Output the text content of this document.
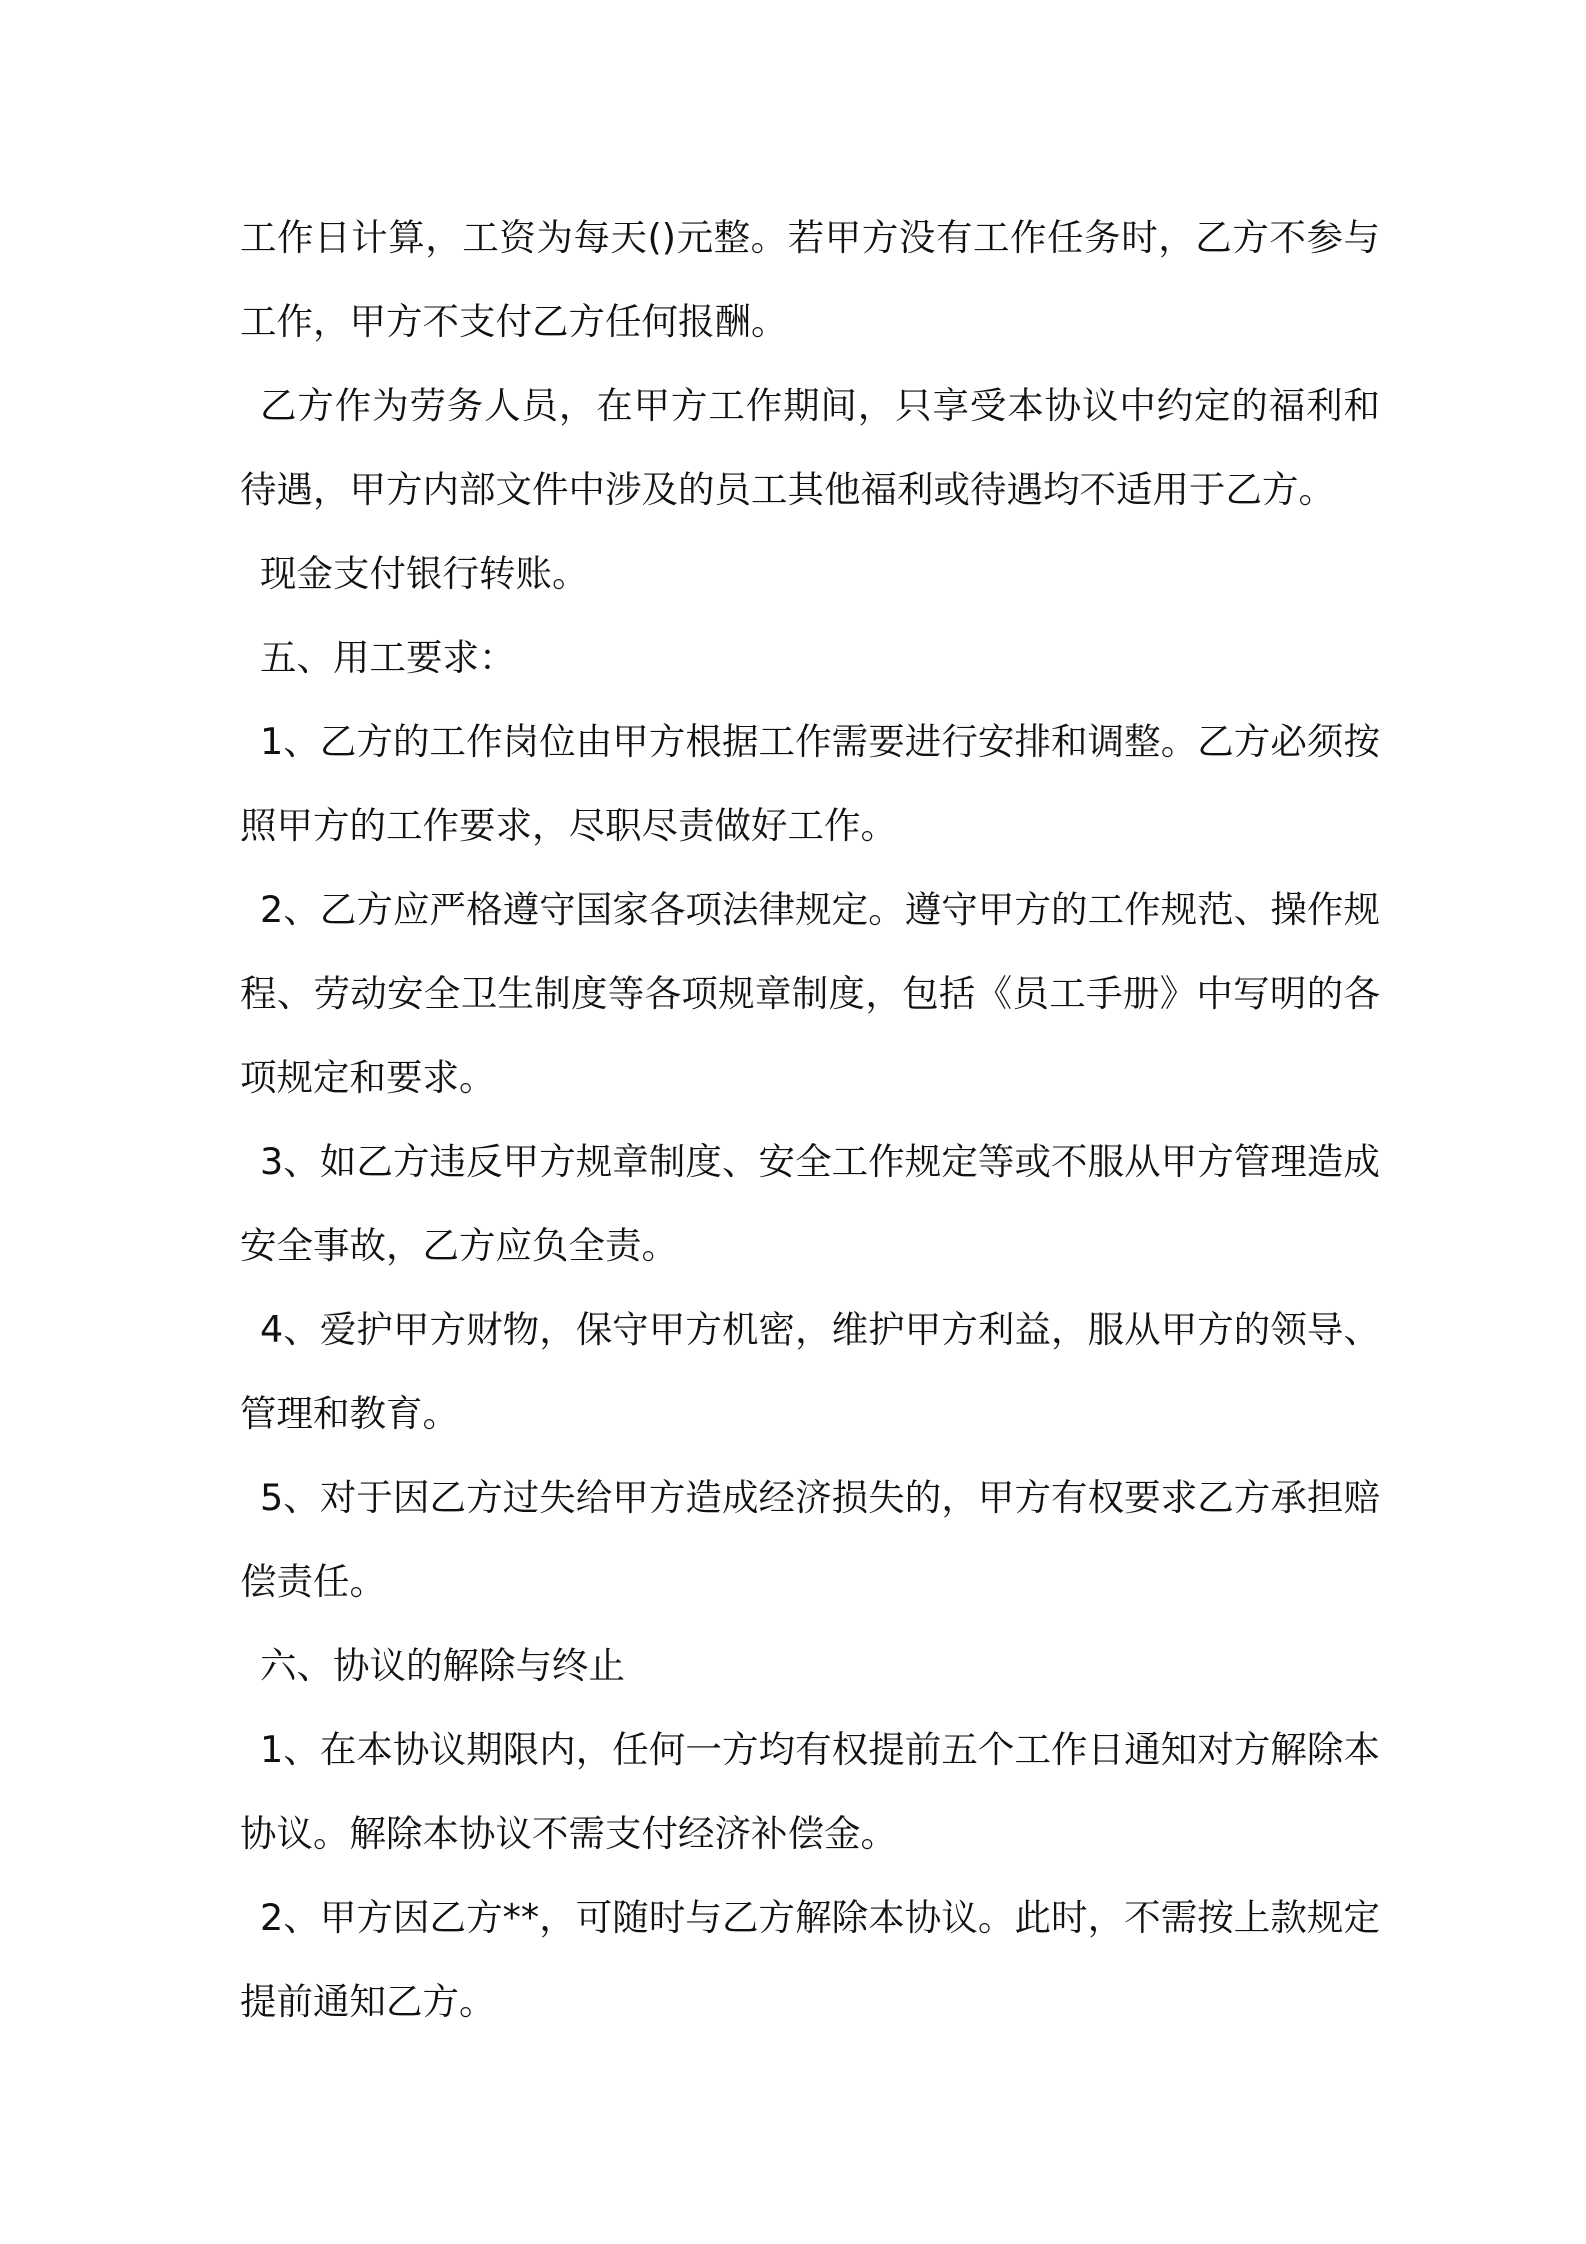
工作日计算，工资为每天()元整。若甲方没有工作任务时，乙方不参与工作，甲方不支付乙方任何报酬。

乙方作为劳务人员，在甲方工作期间，只享受本协议中约定的福利和待遇，甲方内部文件中涉及的员工其他福利或待遇均不适用于乙方。

现金支付银行转账。

五、用工要求：

1、乙方的工作岗位由甲方根据工作需要进行安排和调整。乙方必须按照甲方的工作要求，尽职尽责做好工作。

2、乙方应严格遵守国家各项法律规定。遵守甲方的工作规范、操作规程、劳动安全卫生制度等各项规章制度，包括《员工手册》中写明的各项规定和要求。

3、如乙方违反甲方规章制度、安全工作规定等或不服从甲方管理造成安全事故，乙方应负全责。

4、爱护甲方财物，保守甲方机密，维护甲方利益，服从甲方的领导、管理和教育。

5、对于因乙方过失给甲方造成经济损失的，甲方有权要求乙方承担赔偿责任。

六、协议的解除与终止

1、在本协议期限内，任何一方均有权提前五个工作日通知对方解除本协议。解除本协议不需支付经济补偿金。

2、甲方因乙方**，可随时与乙方解除本协议。此时，不需按上款规定提前通知乙方。
